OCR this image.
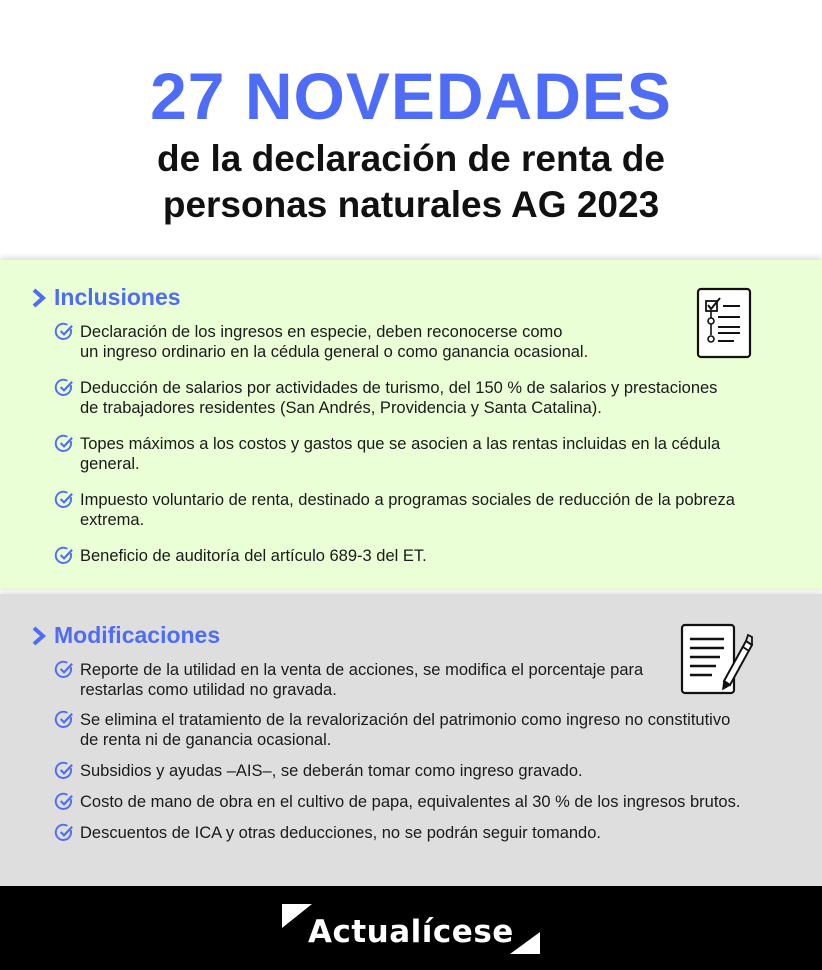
27 NOVEDADES
de la declaración de renta de
personas naturales AG 2023
Inclusiones
Declaración de los ingresos en especie, deben reconocerse como
un ingreso ordinario en la cédula general o como ganancia ocasional.
Deducción de salarios por actividades de turismo, del 150 % de salarios y prestaciones
de trabajadores residentes (San Andrés, Providencia y Santa Catalina).
Topes máximos a los costos y gastos que se asocien a las rentas incluidas en la cédula
general.
Impuesto voluntario de renta, destinado a programas sociales de reducción de la pobreza
extrema.
Beneficio de auditoría del artículo 689-3 del ET.
Modificaciones
Reporte de la utilidad en la venta de acciones, se modifica el porcentaje para
restarlas como utilidad no gravada.
Se elimina el tratamiento de la revalorización del patrimonio como ingreso no constitutivo
de renta ni de ganancia ocasional.
Subsidios y ayudas –AIS–, se deberán tomar como ingreso gravado.
Costo de mano de obra en el cultivo de papa, equivalentes al 30 % de los ingresos brutos.
Descuentos de ICA y otras deducciones, no se podrán seguir tomando.
Actualícese
